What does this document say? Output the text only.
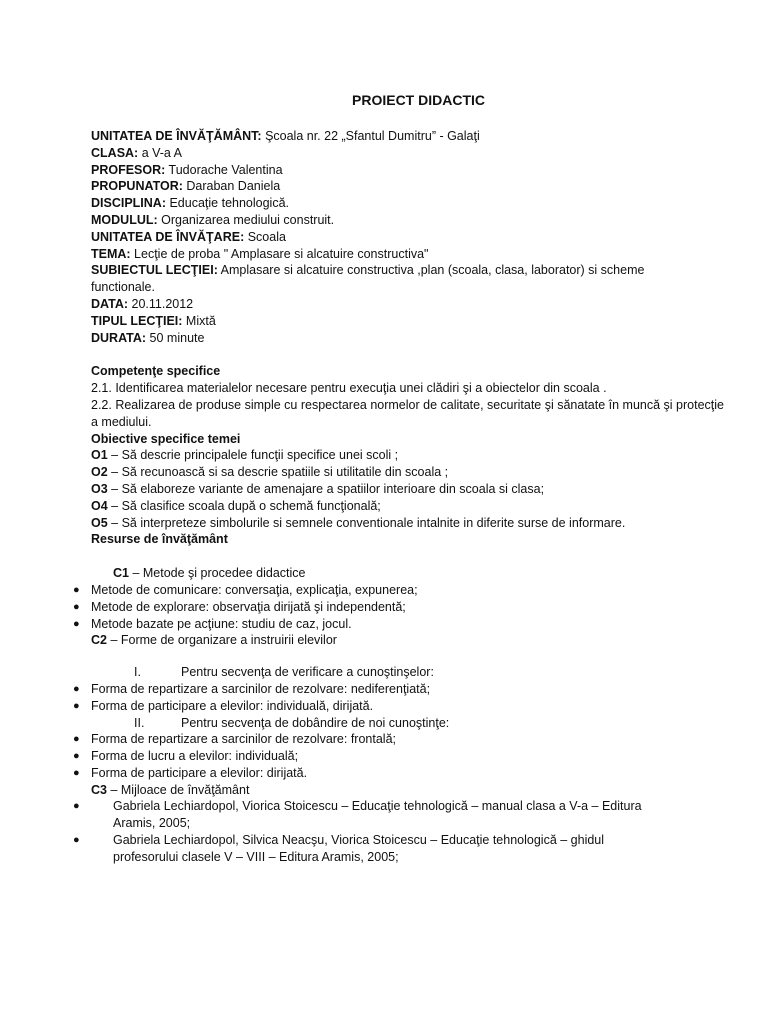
PROIECT DIDACTIC

UNITATEA DE ÎNVĂŢĂMÂNT: Şcoala nr. 22 „Sfantul Dumitru” - Galaţi

CLASA: a V-a A

PROFESOR: Tudorache Valentina

PROPUNATOR: Daraban Daniela

DISCIPLINA: Educaţie tehnologică.

MODULUL: Organizarea mediului construit.

UNITATEA DE ÎNVĂŢARE: Scoala

TEMA: Lecţie de proba " Amplasare si alcatuire constructiva"

SUBIECTUL LECŢIEI: Amplasare si alcatuire constructiva ,plan (scoala, clasa, laborator) si scheme functionale.

DATA: 20.11.2012

TIPUL LECŢIEI: Mixtă

DURATA: 50 minute

Competenţe specifice

2.1. Identificarea materialelor necesare pentru execuţia unei clădiri şi a obiectelor din scoala .

2.2. Realizarea de produse simple cu respectarea normelor de calitate, securitate şi sănatate în muncă şi protecţie a mediului.

Obiective specifice temei

O1 – Să descrie principalele funcţii specifice unei scoli ;

O2 – Să recunoască si sa descrie spatiile si utilitatile din scoala ;

O3 – Să elaboreze variante de amenajare a spatiilor interioare din scoala si clasa;

O4 – Să clasifice scoala după o schemă funcţională;

O5 – Să interpreteze simbolurile si semnele conventionale intalnite in diferite surse de informare.

Resurse de învăţământ

C1 – Metode şi procedee didactice

● Metode de comunicare: conversaţia, explicaţia, expunerea;
● Metode de explorare: observaţia dirijată şi independentă;
● Metode bazate pe acţiune: studiu de caz, jocul.

C2 – Forme de organizare a instruirii elevilor

I.	Pentru secvenţa de verificare a cunoştinşelor:

● Forma de repartizare a sarcinilor de rezolvare: nediferenţiată;
● Forma de participare a elevilor: individuală, dirijată.

II.	Pentru secvenţa de dobândire de noi cunoştinţe:

● Forma de repartizare a sarcinilor de rezolvare: frontală;
● Forma de lucru a elevilor: individuală;
● Forma de participare a elevilor: dirijată.

C3 – Mijloace de învăţământ

●	Gabriela Lechiardopol, Viorica Stoicescu – Educaţie tehnologică – manual clasa a V-a – Editura Aramis, 2005;
●	Gabriela Lechiardopol, Silvica Neacşu, Viorica Stoicescu – Educaţie tehnologică – ghidul profesorului clasele V – VIII – Editura Aramis, 2005;
